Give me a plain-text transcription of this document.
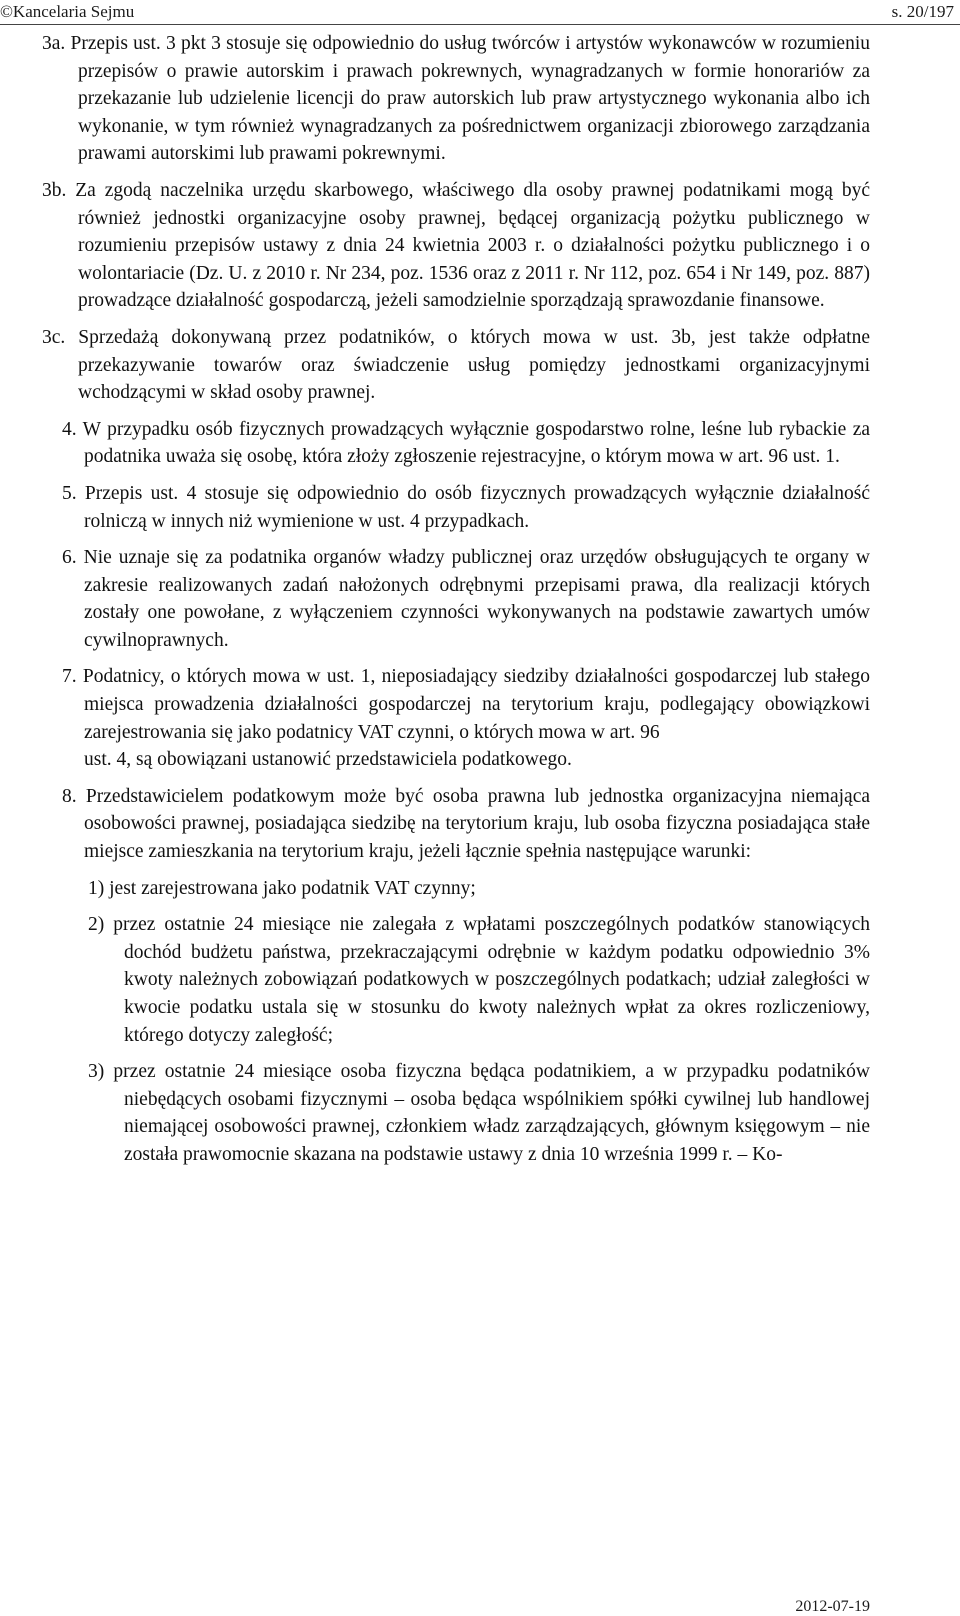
©Kancelaria Sejmu	s. 20/197

3a. Przepis ust. 3 pkt 3 stosuje się odpowiednio do usług twórców i artystów wykonawców w rozumieniu przepisów o prawie autorskim i prawach pokrewnych, wynagradzanych w formie honorariów za przekazanie lub udzielenie licencji do praw autorskich lub praw artystycznego wykonania albo ich wykonanie, w tym również wynagradzanych za pośrednictwem organizacji zbiorowego zarządzania prawami autorskimi lub prawami pokrewnymi.

3b. Za zgodą naczelnika urzędu skarbowego, właściwego dla osoby prawnej podatnikami mogą być również jednostki organizacyjne osoby prawnej, będącej organizacją pożytku publicznego w rozumieniu przepisów ustawy z dnia 24 kwietnia 2003 r. o działalności pożytku publicznego i o wolontariacie (Dz. U. z 2010 r. Nr 234, poz. 1536 oraz z 2011 r. Nr 112, poz. 654 i Nr 149, poz. 887) prowadzące działalność gospodarczą, jeżeli samodzielnie sporządzają sprawozdanie finansowe.

3c. Sprzedażą dokonywaną przez podatników, o których mowa w ust. 3b, jest także odpłatne przekazywanie towarów oraz świadczenie usług pomiędzy jednostkami organizacyjnymi wchodzącymi w skład osoby prawnej.

4. W przypadku osób fizycznych prowadzących wyłącznie gospodarstwo rolne, leśne lub rybackie za podatnika uważa się osobę, która złoży zgłoszenie rejestracyjne, o którym mowa w art. 96 ust. 1.

5. Przepis ust. 4 stosuje się odpowiednio do osób fizycznych prowadzących wyłącznie działalność rolniczą w innych niż wymienione w ust. 4 przypadkach.

6. Nie uznaje się za podatnika organów władzy publicznej oraz urzędów obsługujących te organy w zakresie realizowanych zadań nałożonych odrębnymi przepisami prawa, dla realizacji których zostały one powołane, z wyłączeniem czynności wykonywanych na podstawie zawartych umów cywilnoprawnych.

7. Podatnicy, o których mowa w ust. 1, nieposiadający siedziby działalności gospodarczej lub stałego miejsca prowadzenia działalności gospodarczej na terytorium kraju, podlegający obowiązkowi zarejestrowania się jako podatnicy VAT czynni, o których mowa w art. 96

ust. 4, są obowiązani ustanowić przedstawiciela podatkowego.

8. Przedstawicielem podatkowym może być osoba prawna lub jednostka organizacyjna niemająca osobowości prawnej, posiadająca siedzibę na terytorium kraju, lub osoba fizyczna posiadająca stałe miejsce zamieszkania na terytorium kraju, jeżeli łącznie spełnia następujące warunki:

1) jest zarejestrowana jako podatnik VAT czynny;

2) przez ostatnie 24 miesiące nie zalegała z wpłatami poszczególnych podatków stanowiących dochód budżetu państwa, przekraczającymi odrębnie w każdym podatku odpowiednio 3% kwoty należnych zobowiązań podatkowych w poszczególnych podatkach; udział zaległości w kwocie podatku ustala się w stosunku do kwoty należnych wpłat za okres rozliczeniowy, którego dotyczy zaległość;

3) przez ostatnie 24 miesiące osoba fizyczna będąca podatnikiem, a w przypadku podatników niebędących osobami fizycznymi – osoba będąca wspólnikiem spółki cywilnej lub handlowej niemającej osobowości prawnej, członkiem władz zarządzających, głównym księgowym – nie została prawomocnie skazana na podstawie ustawy z dnia 10 września 1999 r. – Ko-

2012-07-19
